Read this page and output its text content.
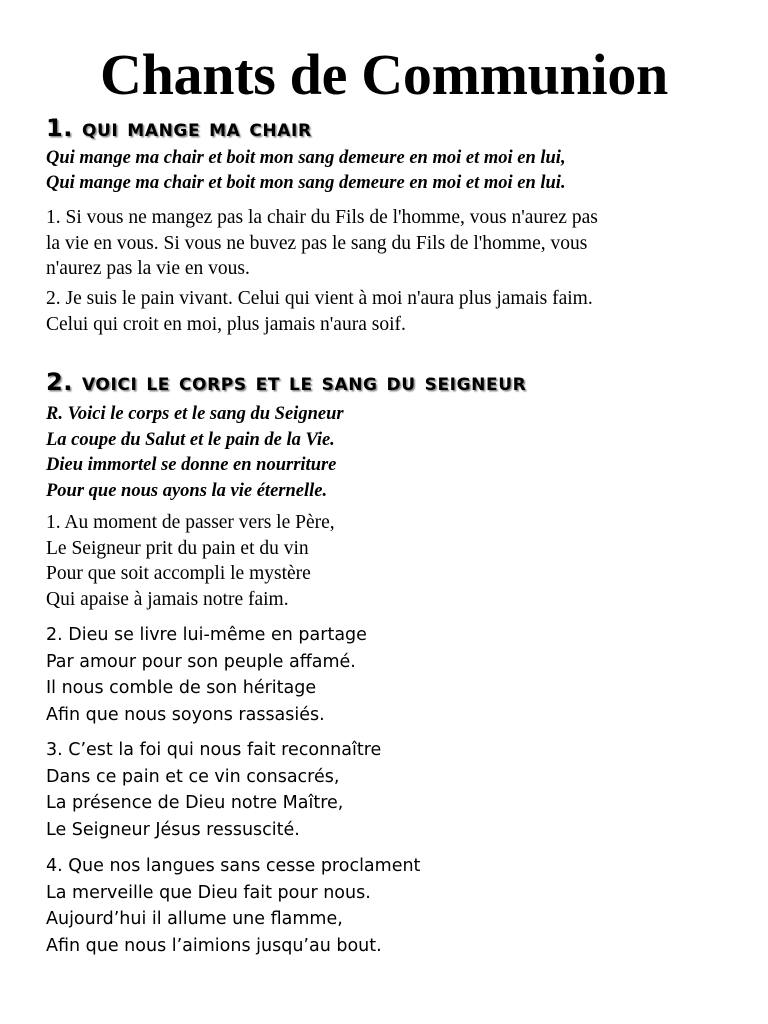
Chants de Communion
1. qui mange ma chair
Qui mange ma chair et boit mon sang demeure en moi et moi en lui,
Qui mange ma chair et boit mon sang demeure en moi et moi en lui.
1. Si vous ne mangez pas la chair du Fils de l'homme, vous n'aurez pas
la vie en vous. Si vous ne buvez pas le sang du Fils de l'homme, vous
n'aurez pas la vie en vous.
2. Je suis le pain vivant. Celui qui vient à moi n'aura plus jamais faim.
Celui qui croit en moi, plus jamais n'aura soif.
2. voici le corps et le sang du seigneur
R. Voici le corps et le sang du Seigneur
La coupe du Salut et le pain de la Vie.
Dieu immortel se donne en nourriture
Pour que nous ayons la vie éternelle.
1. Au moment de passer vers le Père,
Le Seigneur prit du pain et du vin
Pour que soit accompli le mystère
Qui apaise à jamais notre faim.
2. Dieu se livre lui-même en partage
Par amour pour son peuple affamé.
Il nous comble de son héritage
Afin que nous soyons rassasiés.
3. C’est la foi qui nous fait reconnaître
Dans ce pain et ce vin consacrés,
La présence de Dieu notre Maître,
Le Seigneur Jésus ressuscité.
4. Que nos langues sans cesse proclament
La merveille que Dieu fait pour nous.
Aujourd’hui il allume une flamme,
Afin que nous l’aimions jusqu’au bout.
